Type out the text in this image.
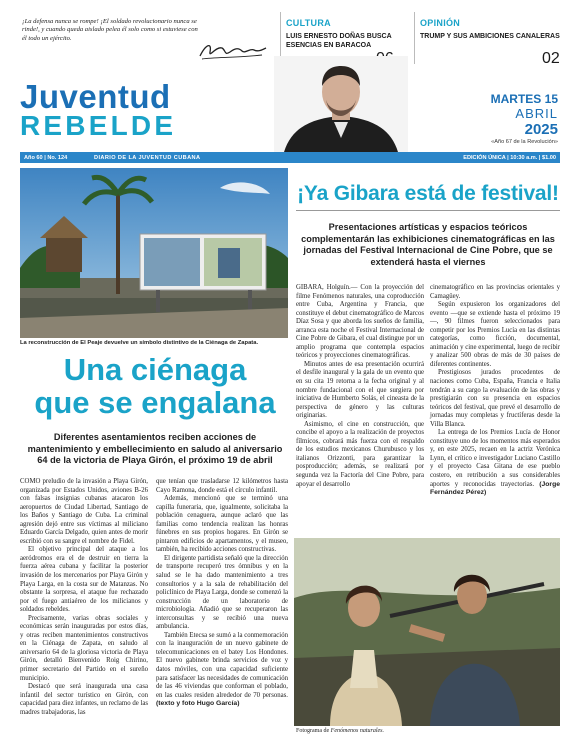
¡La defensa nunca se rompe! ¡El soldado revolucionario nunca se rinde!, y cuando queda aislado pelea él solo como si estuviese con él todo un ejército.

CULTURA
LUIS ERNESTO DOÑAS BUSCA ESENCIAS EN BARACOA
OPINIÓN
TRUMP Y SUS AMBICIONES CANALERAS
02
Juventud
REBELDE
MARTES 15
ABRIL
2025
«Año 67 de la Revolución»
Año 60 | No. 124	DIARIO DE LA JUVENTUD CUBANA	EDICIÓN ÚNICA | 10:30 a.m. | $1.00
La reconstrucción de El Peaje devuelve un símbolo distintivo de la Ciénaga de Zapata.
Una ciénaga
que se engalana
Diferentes asentamientos reciben acciones de mantenimiento y embellecimiento en saludo al aniversario 64 de la victoria de Playa Girón, el próximo 19 de abril

COMO preludio de la invasión a Playa Girón, organizada por Estados Unidos, aviones B-26 con falsas insignias cubanas atacaron los aeropuertos de Ciudad Libertad, Santiago de los Baños y Santiago de Cuba. La criminal agresión dejó entre sus víctimas al miliciano Eduardo García Delgado, quien antes de morir escribió con su sangre el nombre de Fidel.

El objetivo principal del ataque a los aeródromos era el de destruir en tierra la fuerza aérea cubana y facilitar la posterior invasión de los mercenarios por Playa Girón y Playa Larga, en la costa sur de Matanzas. No obstante la sorpresa, el ataque fue rechazado por el fuego antiaéreo de los milicianos y soldados rebeldes.

Precisamente, varias obras sociales y económicas serán inauguradas por estos días, y otras reciben mantenimientos constructivos en la Ciénaga de Zapata, en saludo al aniversario 64 de la gloriosa victoria de Playa Girón, detalló Bienvenido Roig Chirino, primer secretario del Partido en el sureño municipio.

Destacó que será inaugurada una casa infantil del sector turístico en Girón, con capacidad para diez infantes, un reclamo de las madres trabajadoras, las

que tenían que trasladarse 12 kilómetros hasta Cayo Ramona, donde está el círculo infantil.

Además, mencionó que se terminó una capilla funeraria, que, igualmente, solicitaba la población cenaguera, aunque aclaró que las familias como tendencia realizan las honras fúnebres en sus propios hogares. En Girón se pintaron edificios de apartamentos, y el museo, también, ha recibido acciones constructivas.

El dirigente partidista señaló que la dirección de transporte recuperó tres ómnibus y en la salud se le ha dado mantenimiento a tres consultorios y a la sala de rehabilitación del policlínico de Playa Larga, donde se comenzó la construcción de un laboratorio de microbiología. Añadió que se recuperaron las interconsultas y se recibió una nueva ambulancia.

También Etecsa se sumó a la conmemoración con la inauguración de un nuevo gabinete de telecomunicaciones en el batey Los Hondones. El nuevo gabinete brinda servicios de voz y datos móviles, con una capacidad suficiente para satisfacer las necesidades de comunicación de las 46 viviendas que conforman el poblado, en las cuales residen alrededor de 70 personas. (texto y foto Hugo García)

¡Ya Gibara está de festival!
Presentaciones artísticas y espacios teóricos complementarán las exhibiciones cinematográficas en las jornadas del Festival Internacional de Cine Pobre, que se extenderá hasta el viernes

GIBARA, Holguín.— Con la proyección del filme Fenómenos naturales, una coproducción entre Cuba, Argentina y Francia, que constituye el debut cinematográfico de Marcos Díaz Sosa y que aborda los sueños de familia, arranca esta noche el Festival Internacional de Cine Pobre de Gibara, el cual distingue por un amplio programa que contempla espacios teóricos y proyecciones cinematográficas.

Minutos antes de esa presentación ocurrirá el desfile inaugural y la gala de un evento que en su cita 19 retorna a la fecha original y al nombre fundacional con el que surgiera por iniciativa de Humberto Solás, el cineasta de la perspectiva de género y las culturas originarias.

Asimismo, el cine en construcción, que concibe el apoyo a la realización de proyectos fílmicos, cobrará más fuerza con el respaldo de los estudios mexicanos Churubusco y los italianos Orizzonti, para garantizar la posproducción; además, se realizará por segunda vez la Factoría del Cine Pobre, para apoyar el desarrollo

cinematográfico en las provincias orientales y Camagüey.

Según expusieron los organizadores del evento —que se extiende hasta el próximo 19—, 90 filmes fueron seleccionados para competir por los Premios Lucía en las distintas categorías, como ficción, documental, animación y cine experimental, luego de recibir y analizar 500 obras de más de 30 países de diferentes continentes.

Prestigiosos jurados procedentes de naciones como Cuba, España, Francia e Italia tendrán a su cargo la evaluación de las obras y prestigiarán con su presencia en espacios teóricos del festival, que prevé el desarrollo de jornadas muy completas y fructíferas desde la Villa Blanca.

La entrega de los Premios Lucía de Honor constituye uno de los momentos más esperados y, en este 2025, recaen en la actriz Verónica Lynn, el crítico e investigador Luciano Castillo y el proyecto Casa Gitana de ese pueblo costero, en retribución a sus considerables aportes y reconocidas trayectorias. (Jorge Fernández Pérez)

Fotograma de Fenómenos naturales.
